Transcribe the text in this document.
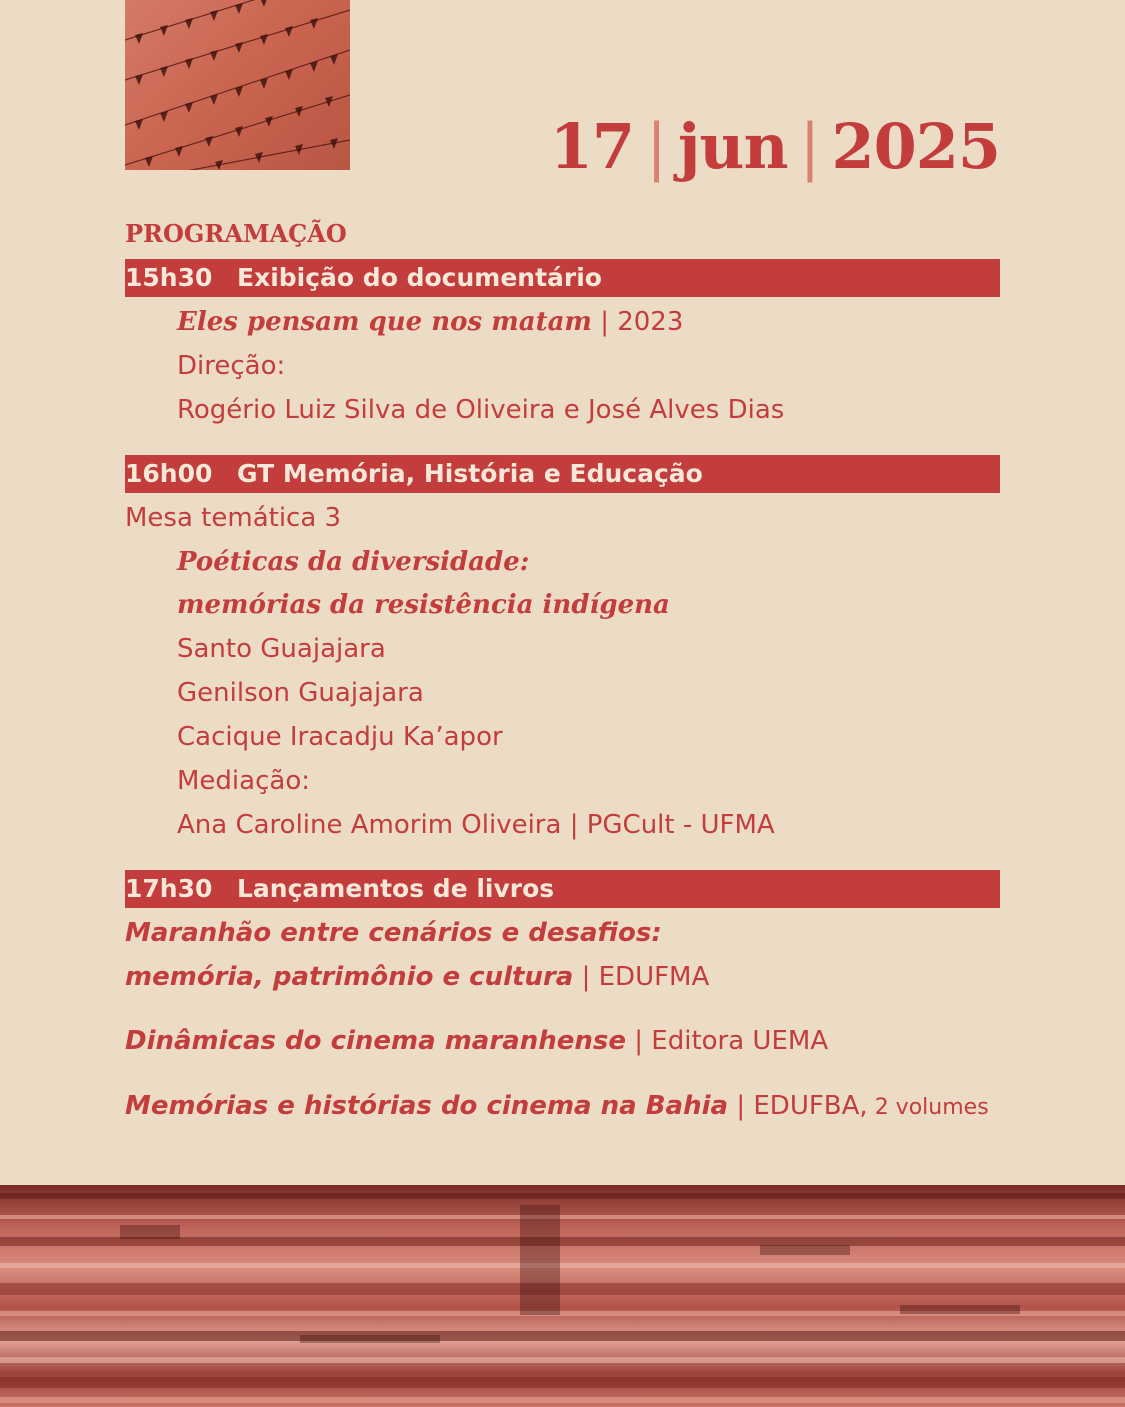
17 | jun | 2025
PROGRAMAÇÃO
15h30 Exibição do documentário
Eles pensam que nos matam | 2023
Direção:
Rogério Luiz Silva de Oliveira e José Alves Dias
16h00 GT Memória, História e Educação
Mesa temática 3
Poéticas da diversidade:
memórias da resistência indígena
Santo Guajajara
Genilson Guajajara
Cacique Iracadju Ka’apor
Mediação:
Ana Caroline Amorim Oliveira | PGCult - UFMA
17h30 Lançamentos de livros
Maranhão entre cenários e desafios:
memória, patrimônio e cultura | EDUFMA
Dinâmicas do cinema maranhense | Editora UEMA
Memórias e histórias do cinema na Bahia | EDUFBA, 2 volumes
